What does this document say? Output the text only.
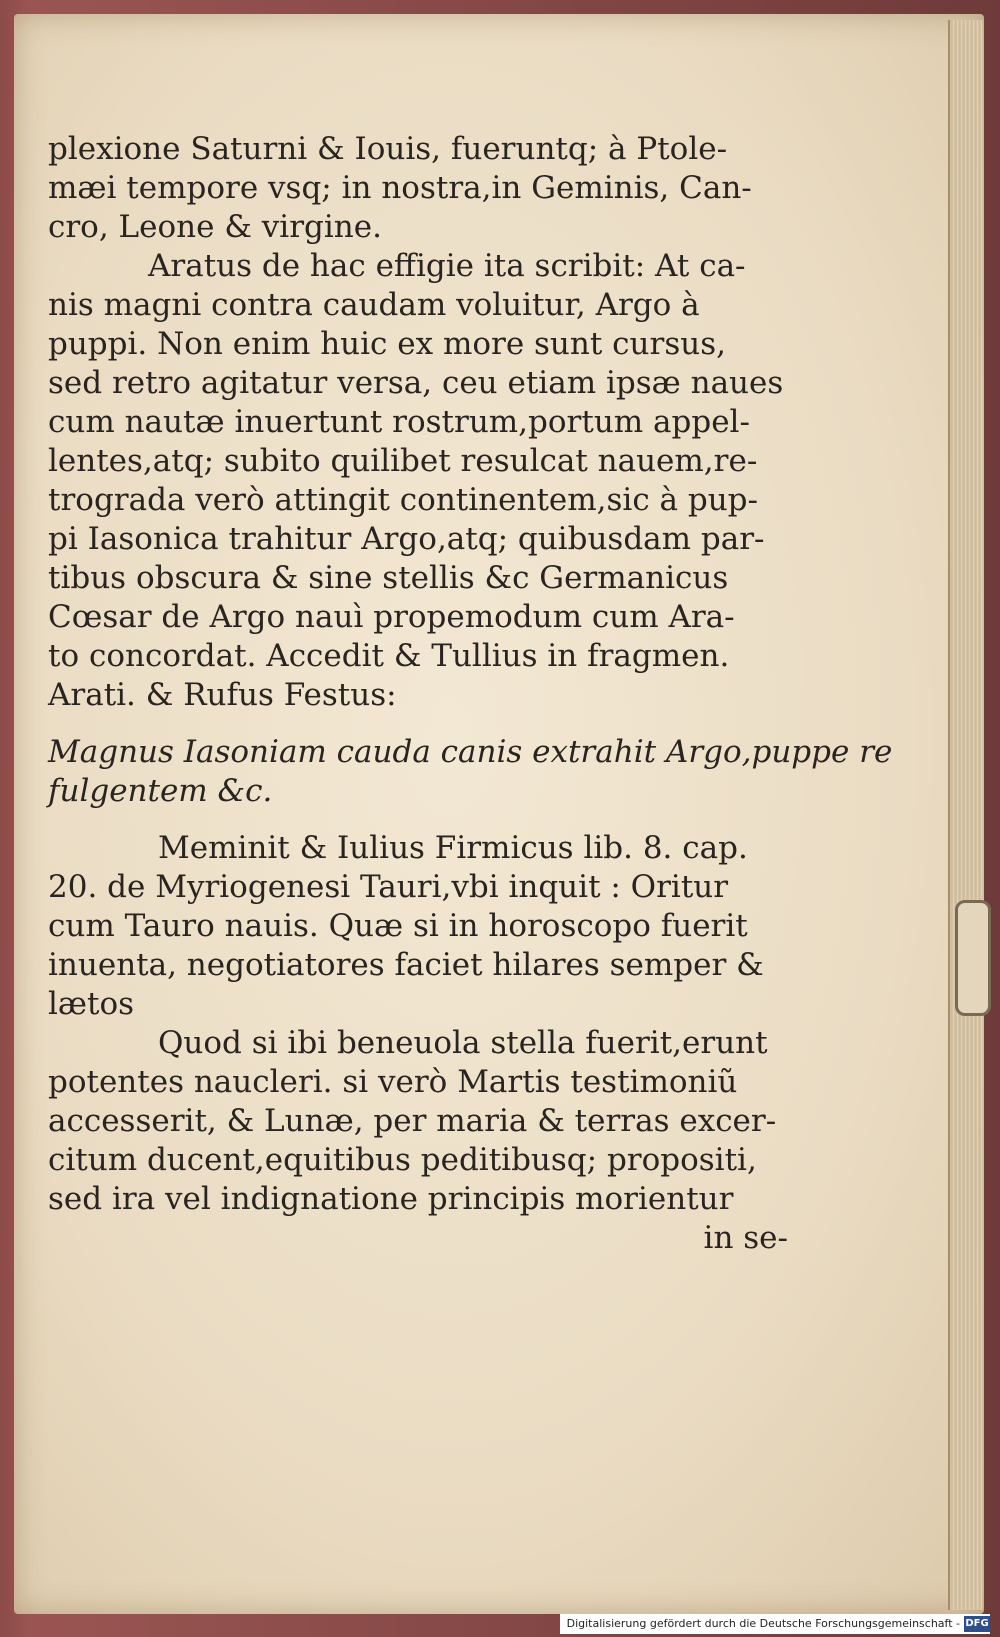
plexione Saturni & Iouis, fueruntq; à Ptole-
mæi tempore vsq; in nostra,in Geminis, Can-
cro, Leone & virgine.
Aratus de hac effigie ita scribit: At ca-
nis magni contra caudam voluitur, Argo à
puppi. Non enim huic ex more sunt cursus,
sed retro agitatur versa, ceu etiam ipsæ naues
cum nautæ inuertunt rostrum,portum appel-
lentes,atq; subito quilibet resulcat nauem,re-
trograda verò attingit continentem,sic à pup-
pi Iasonica trahitur Argo,atq; quibusdam par-
tibus obscura & sine stellis &c Germanicus
Cœsar de Argo nauì propemodum cum Ara-
to concordat. Accedit & Tullius in fragmen.
Arati. & Rufus Festus:
Magnus Iasoniam cauda canis extrahit Argo,puppe re
fulgentem &c.
Meminit & Iulius Firmicus lib. 8. cap.
20. de Myriogenesi Tauri,vbi inquit : Oritur
cum Tauro nauis. Quæ si in horoscopo fuerit
inuenta, negotiatores faciet hilares semper &
lætos
Quod si ibi beneuola stella fuerit,erunt
potentes naucleri. si verò Martis testimoniũ
accesserit, & Lunæ, per maria & terras excer-
citum ducent,equitibus peditibusq; propositi,
sed ira vel indignatione principis morientur
in se-
Digitalisierung gefördert durch die Deutsche Forschungsgemeinschaft - DFG
